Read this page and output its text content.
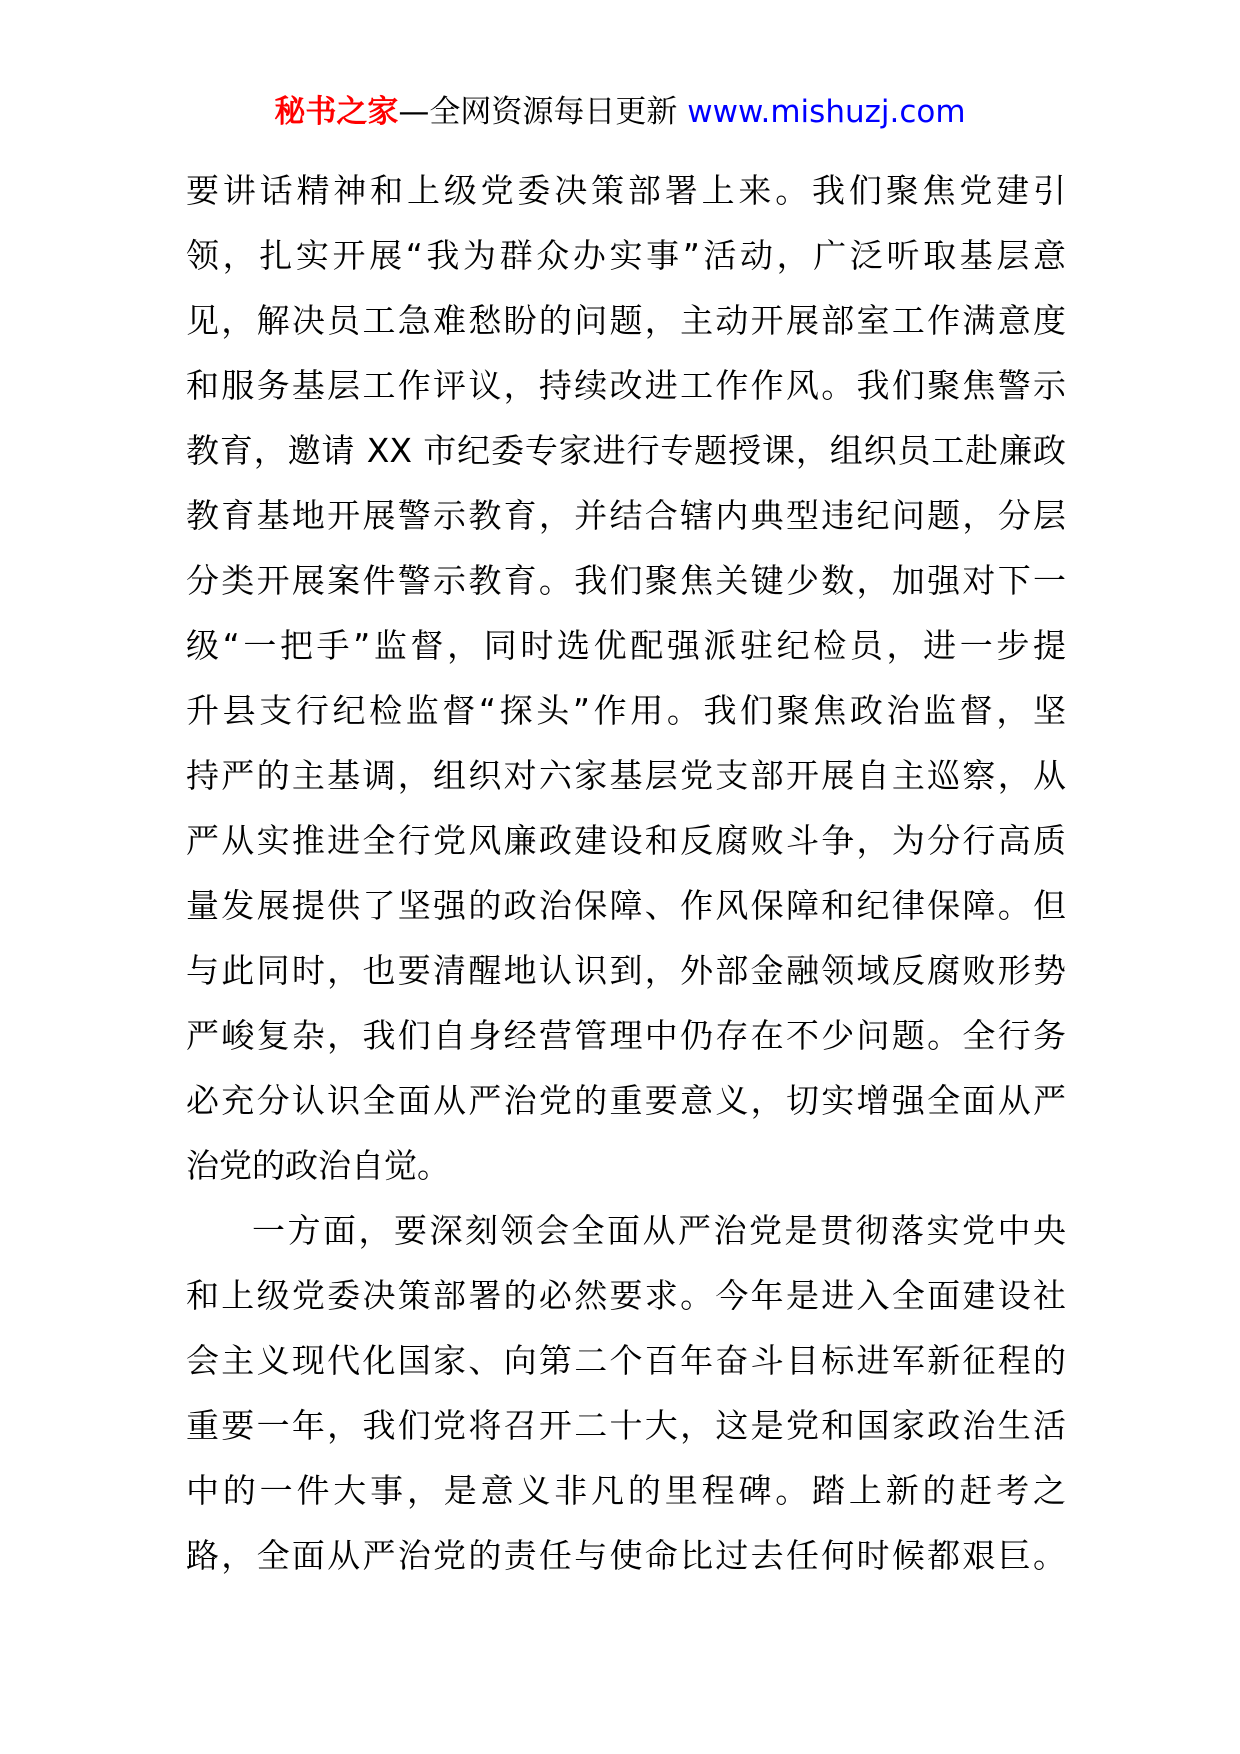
秘书之家—全网资源每日更新 www.mishuzj.com
要讲话精神和上级党委决策部署上来。我们聚焦党建引
领，扎实开展“我为群众办实事”活动，广泛听取基层意
见，解决员工急难愁盼的问题，主动开展部室工作满意度
和服务基层工作评议，持续改进工作作风。我们聚焦警示
教育，邀请 XX 市纪委专家进行专题授课，组织员工赴廉政
教育基地开展警示教育，并结合辖内典型违纪问题，分层
分类开展案件警示教育。我们聚焦关键少数，加强对下一
级“一把手”监督，同时选优配强派驻纪检员，进一步提
升县支行纪检监督“探头”作用。我们聚焦政治监督，坚
持严的主基调，组织对六家基层党支部开展自主巡察，从
严从实推进全行党风廉政建设和反腐败斗争，为分行高质
量发展提供了坚强的政治保障、作风保障和纪律保障。但
与此同时，也要清醒地认识到，外部金融领域反腐败形势
严峻复杂，我们自身经营管理中仍存在不少问题。全行务
必充分认识全面从严治党的重要意义，切实增强全面从严
治党的政治自觉。
一方面，要深刻领会全面从严治党是贯彻落实党中央
和上级党委决策部署的必然要求。今年是进入全面建设社
会主义现代化国家、向第二个百年奋斗目标进军新征程的
重要一年，我们党将召开二十大，这是党和国家政治生活
中的一件大事，是意义非凡的里程碑。踏上新的赶考之
路，全面从严治党的责任与使命比过去任何时候都艰巨。
